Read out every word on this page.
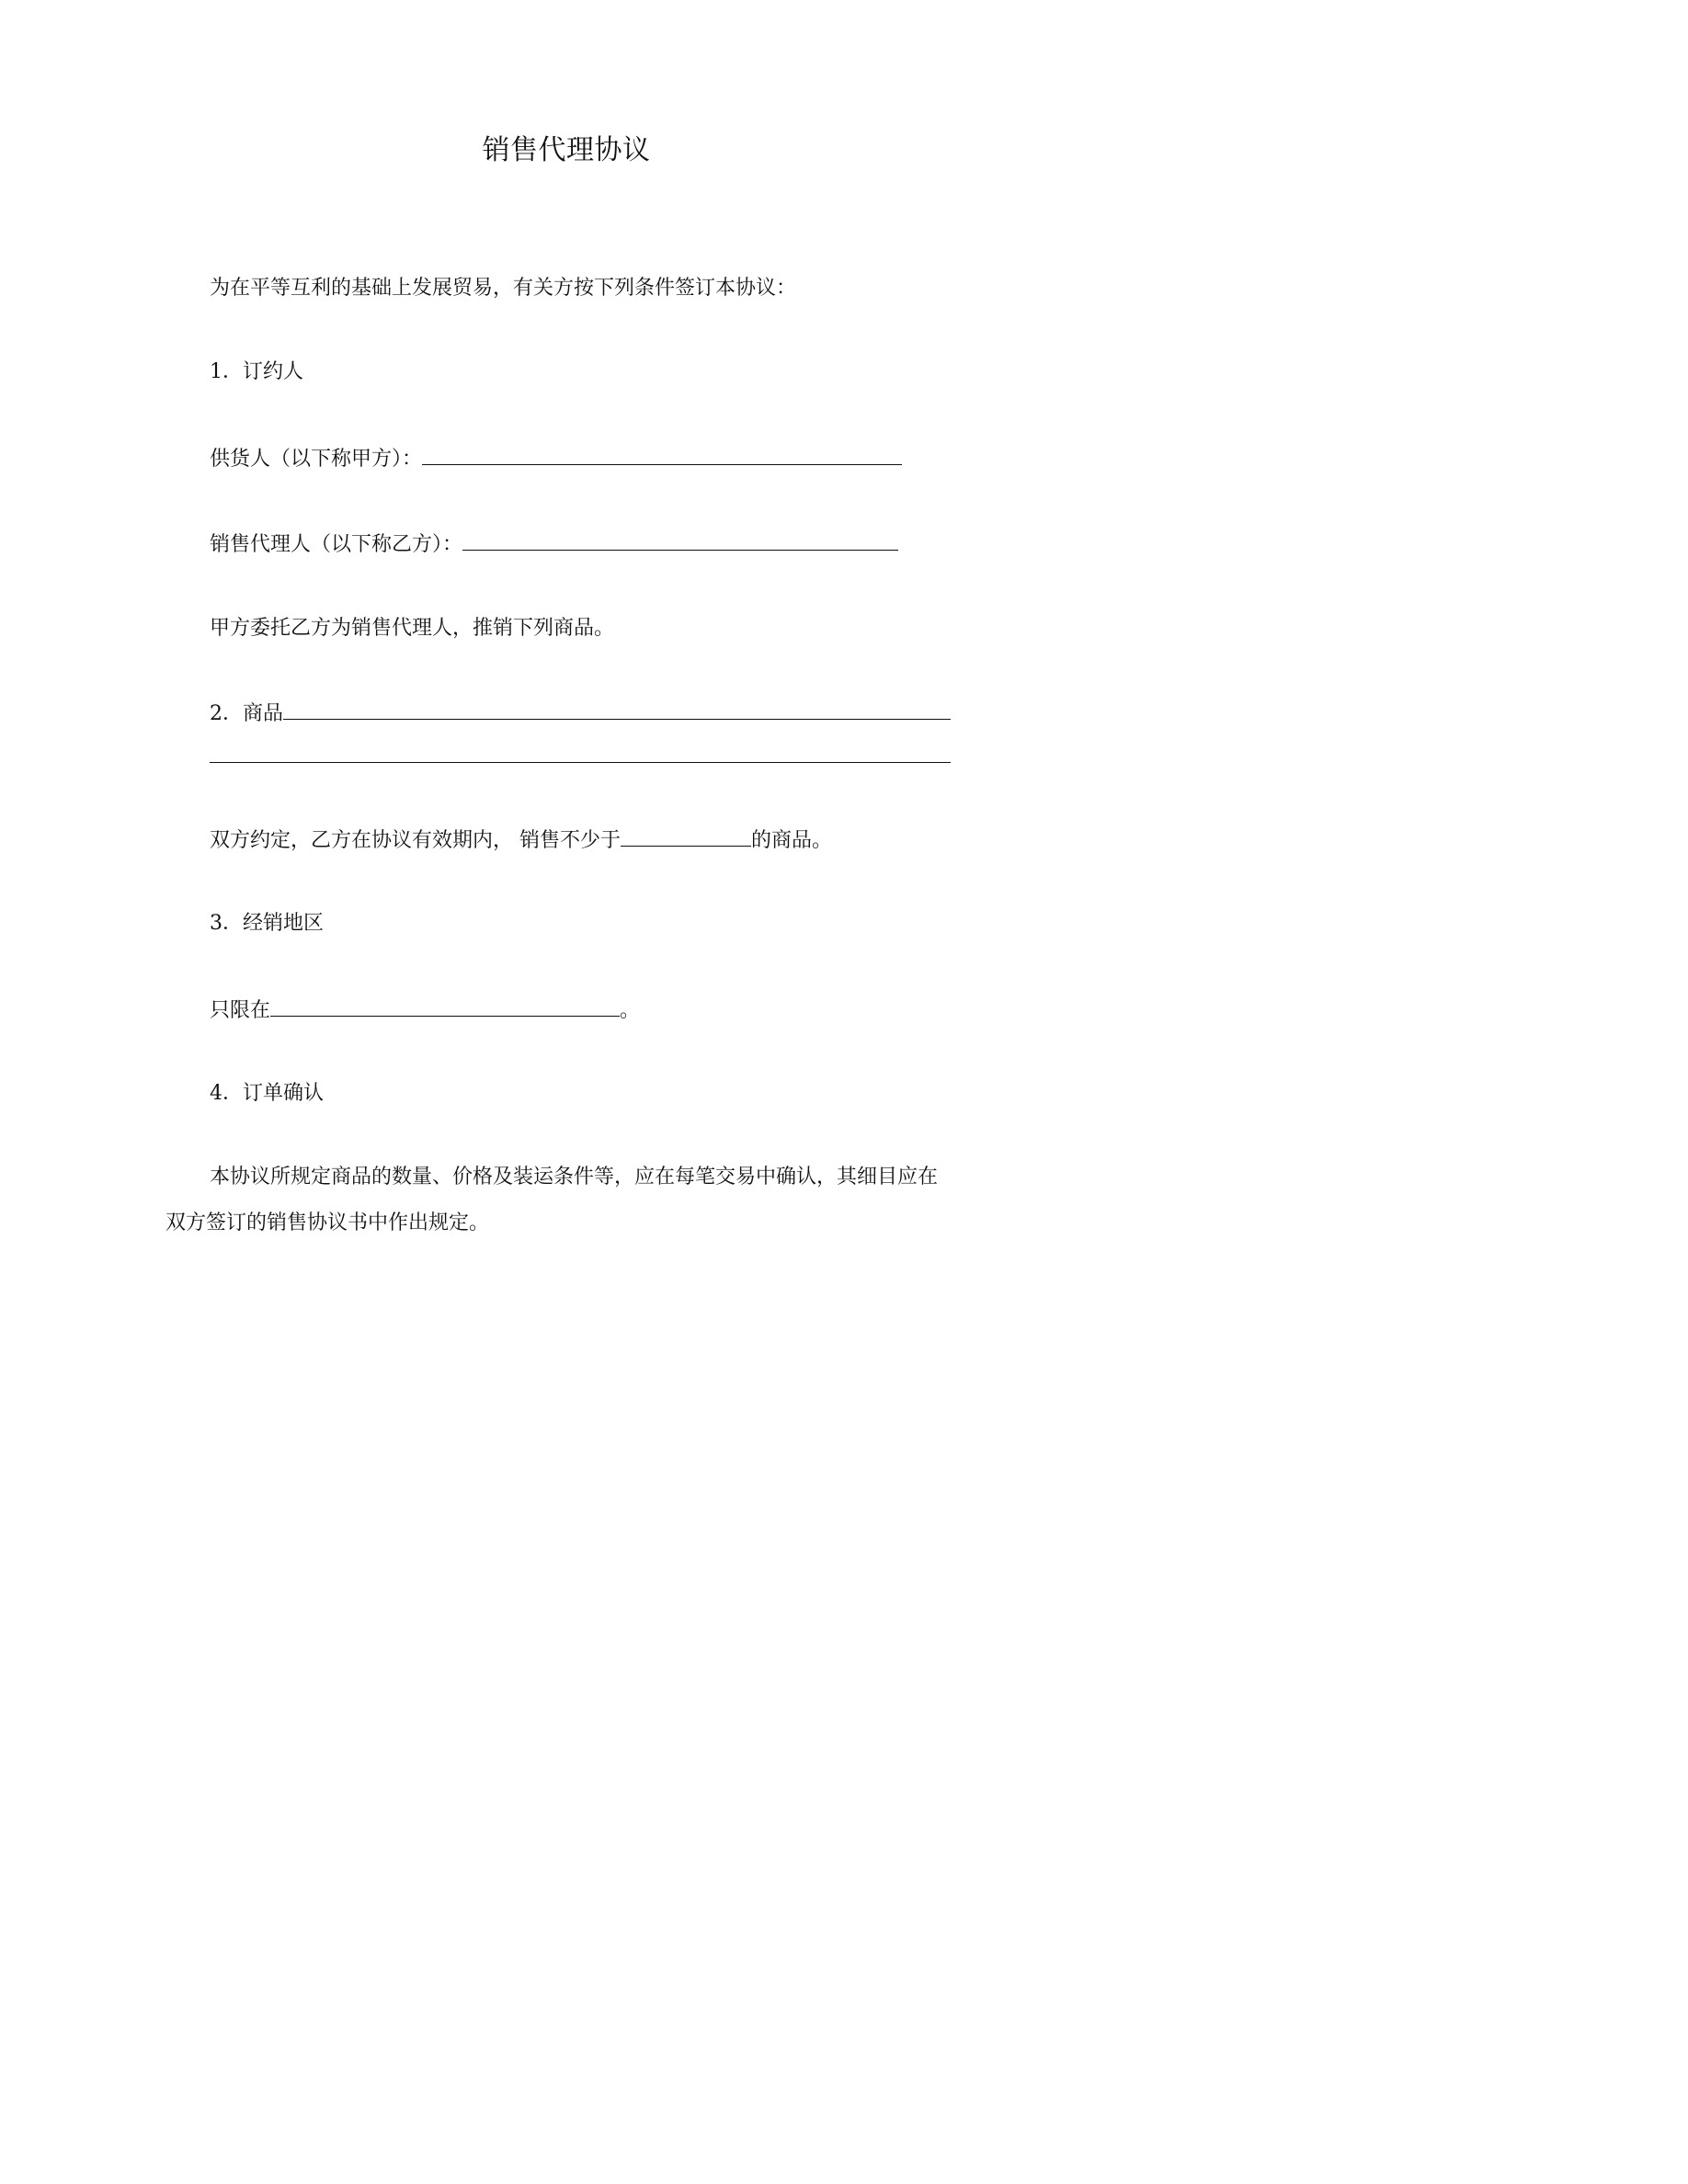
销售代理协议
为在平等互利的基础上发展贸易，有关方按下列条件签订本协议：
1．订约人
供货人（以下称甲方）：
销售代理人（以下称乙方）：
甲方委托乙方为销售代理人，推销下列商品。
2．商品
双方约定，乙方在协议有效期内， 销售不少于	的商品。
3．经销地区
只限在	。
4．订单确认
本协议所规定商品的数量、价格及装运条件等，应在每笔交易中确认，其细目应在双方签订的销售协议书中作出规定。
